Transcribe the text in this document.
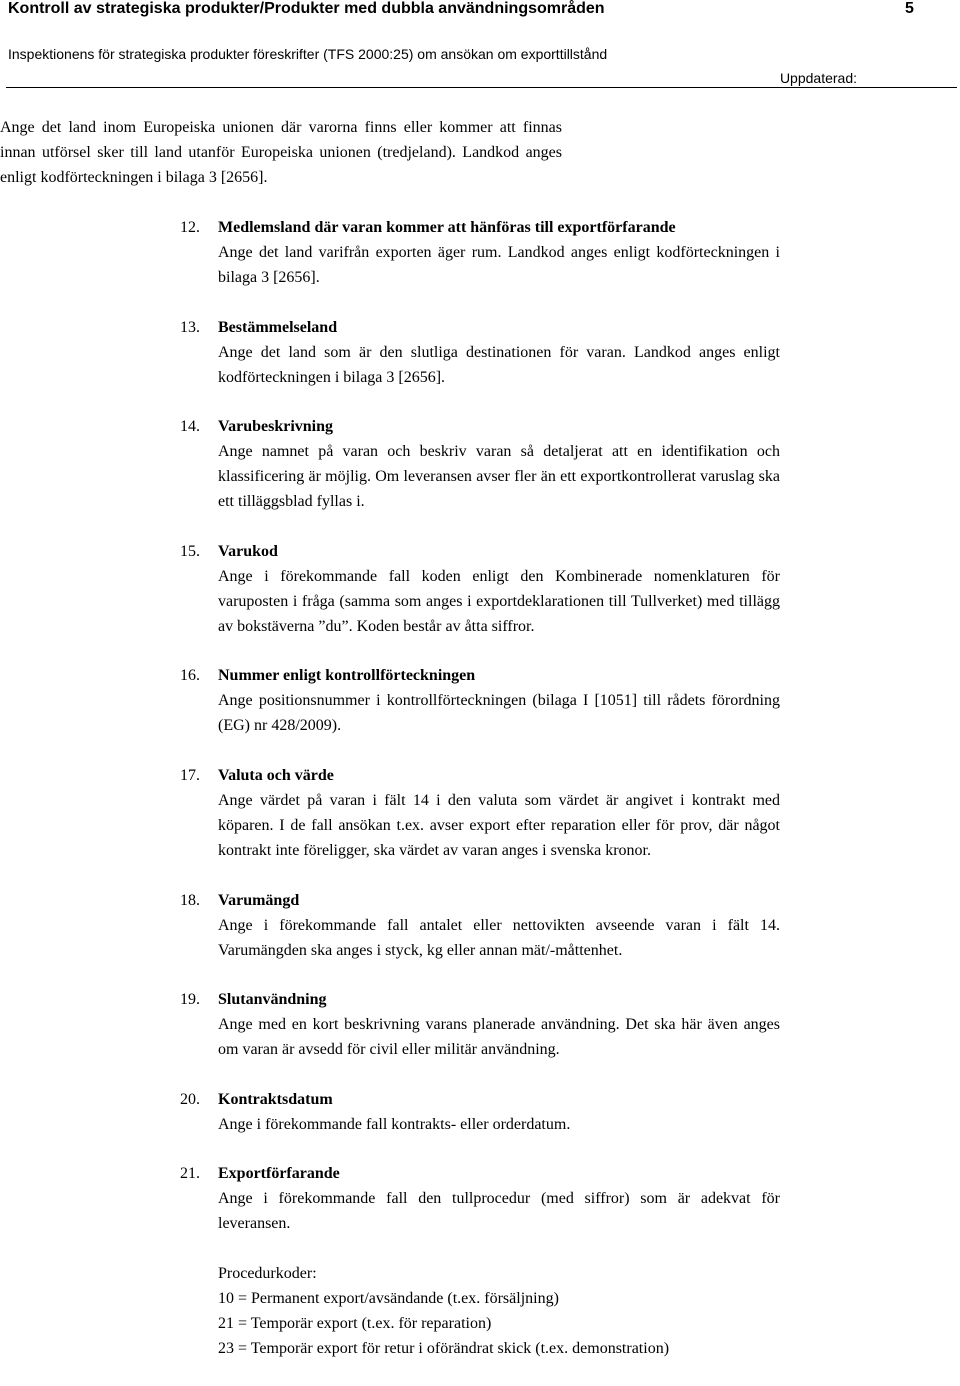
Kontroll av strategiska produkter/Produkter med dubbla användningsområden	5
Inspektionens för strategiska produkter föreskrifter (TFS 2000:25) om ansökan om exporttillstånd
Uppdaterad:
Ange det land inom Europeiska unionen där varorna finns eller kommer att finnas innan utförsel sker till land utanför Europeiska unionen (tredjeland). Landkod anges enligt kodförteckningen i bilaga 3 [2656].
12.	Medlemsland där varan kommer att hänföras till exportförfarande
Ange det land varifrån exporten äger rum. Landkod anges enligt kodförteckningen i bilaga 3 [2656].
13.	Bestämmelseland
Ange det land som är den slutliga destinationen för varan. Landkod anges enligt kodförteckningen i bilaga 3 [2656].
14.	Varubeskrivning
Ange namnet på varan och beskriv varan så detaljerat att en identifikation och klassificering är möjlig. Om leveransen avser fler än ett exportkontrollerat varuslag ska ett tilläggsblad fyllas i.
15.	Varukod
Ange i förekommande fall koden enligt den Kombinerade nomenklaturen för varuposten i fråga (samma som anges i exportdeklarationen till Tullverket) med tillägg av bokstäverna ”du”. Koden består av åtta siffror.
16.	Nummer enligt kontrollförteckningen
Ange positionsnummer i kontrollförteckningen (bilaga I [1051] till rådets förordning (EG) nr 428/2009).
17.	Valuta och värde
Ange värdet på varan i fält 14 i den valuta som värdet är angivet i kontrakt med köparen. I de fall ansökan t.ex. avser export efter reparation eller för prov, där något kontrakt inte föreligger, ska värdet av varan anges i svenska kronor.
18.	Varumängd
Ange i förekommande fall antalet eller nettovikten avseende varan i fält 14. Varumängden ska anges i styck, kg eller annan mät/-måttenhet.
19.	Slutanvändning
Ange med en kort beskrivning varans planerade användning. Det ska här även anges om varan är avsedd för civil eller militär användning.
20.	Kontraktsdatum
Ange i förekommande fall kontrakts- eller orderdatum.
21.	Exportförfarande
Ange i förekommande fall den tullprocedur (med siffror) som är adekvat för leveransen.
Procedurkoder:
10 = Permanent export/avsändande (t.ex. försäljning)
21 = Temporär export (t.ex. för reparation)
23 = Temporär export för retur i oförändrat skick (t.ex. demonstration)
